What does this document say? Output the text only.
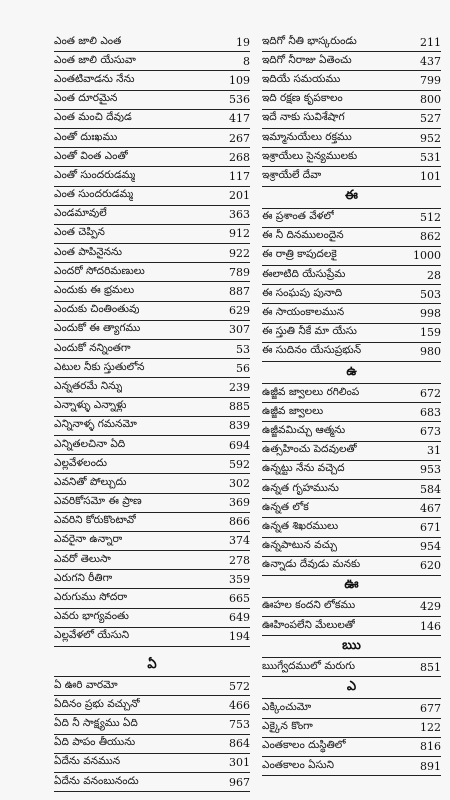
ఎంత జాలి ఎంత	19
ఎంత జాలి యేసువా	8
ఎంతటివాడను నేను	109
ఎంత దూరమైన	536
ఎంత మంచి దేవుడ	417
ఎంతో దుఃఖము	267
ఎంతో వింత ఎంతో	268
ఎంతో సుందరుడమ్మ	117
ఎంత సుందరుడమ్మ	201
ఎండమావులే	363
ఎంత చెప్పిన	912
ఎంత పాపినైనను	922
ఎందరో సోదరిమణులు	789
ఎందుకు ఈ భ్రమలు	887
ఎందుకు చింతింతువు	629
ఎందుకో ఈ త్యాగము	307
ఎందుకో నన్నింతగా	53
ఎటుల నీకు స్తుతులోన	56
ఎన్నతరమే నిన్ను	239
ఎన్నాళ్ళు ఎన్నాళ్లు	885
ఎన్నినాళ్ళ గమనమో	839
ఎన్నితలచినా ఏది	694
ఎల్లవేళలందు	592
ఎవనితో పోల్చుదు	302
ఎవరికోసమో ఈ ప్రాణ	369
ఎవరిని కోరుకొంటావో	866
ఎవరైనా ఉన్నారా	374
ఎవరో తెలుసా	278
ఎరుగని రీతిగా	359
ఎరుగుము సోదరా	665
ఎవరు భాగ్యవంతు	649
ఎల్లవేళలో యేసుని	194
ఏ
ఏ ఊరి వారమో	572
ఏదినం ప్రభు వచ్చునో	466
ఏది నీ సాక్ష్యము ఏది	753
ఏది పాపం తీయును	864
ఏదేను వనమున	301
ఏదేను వనంబునందు	967
ఇదిగో నీతి భాస్కరుండు	211
ఇదిగో నీరాజు ఏతెంచు	437
ఇదియే సమయము	799
ఇది రక్షణ కృపకాలం	800
ఇదే నాకు సువిశేషాగ	527
ఇమ్మానుయేలు రక్తము	952
ఇశ్రాయేలు సైన్యములకు	531
ఇశ్రాయేలే దేవా	101
ఈ
ఈ ప్రశాంత వేళలో	512
ఈ నీ దినములందైన	862
ఈ రాత్రి కాపుదలకై	1000
ఈలాటిది యేసుప్రేమ	28
ఈ సంఘపు పునాది	503
ఈ సాయంకాలమున	998
ఈ స్తుతి నీకే మా యేసు	159
ఈ సుదినం యేసుప్రభున్	980
ఉ
ఉజ్జీవ జ్వాలలు రగిలింప	672
ఉజ్జీవ జ్వాలలు	683
ఉజ్జీవమిచ్చు ఆత్మను	673
ఉత్సహించు పెదవులతో	31
ఉన్నట్టు నేను వచ్చెద	953
ఉన్నత గృహమును	584
ఉన్నత లోక	467
ఉన్నత శిఖరములు	671
ఉన్నపాటున వచ్చు	954
ఉన్నాడు దేవుడు మనకు	620
ఊ
ఊహల కందని లోకము	429
ఊహింపలేని మేలులతో	146
ఋ
ఋగ్వేదములో మరుగు	851
ఎ
ఎక్కించుమో	677
ఎక్కైన కొంగా	122
ఎంతకాలం దుస్థితిలో	816
ఎంతకాలం ఏసుని	891
